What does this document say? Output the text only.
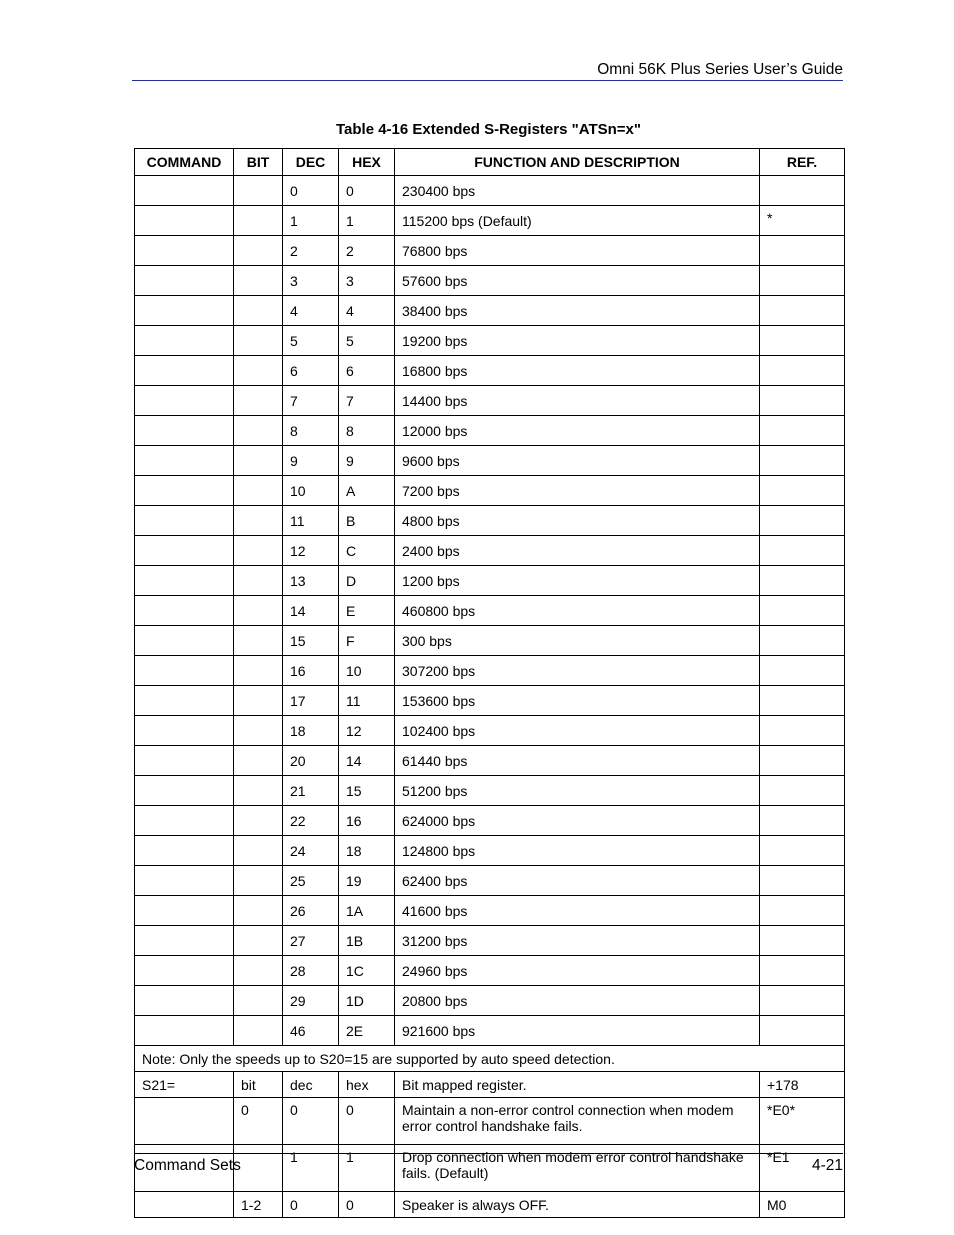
Omni 56K Plus Series User’s Guide
Table 4-16 Extended S-Registers "ATSn=x"
COMMAND	BIT	DEC	HEX	FUNCTION AND DESCRIPTION	REF.
		0	0	230400 bps	
		1	1	115200 bps (Default)	*
		2	2	76800 bps	
		3	3	57600 bps	
		4	4	38400 bps	
		5	5	19200 bps	
		6	6	16800 bps	
		7	7	14400 bps	
		8	8	12000 bps	
		9	9	9600 bps	
		10	A	7200 bps	
		11	B	4800 bps	
		12	C	2400 bps	
		13	D	1200 bps	
		14	E	460800 bps	
		15	F	300 bps	
		16	10	307200 bps	
		17	11	153600 bps	
		18	12	102400 bps	
		20	14	61440 bps	
		21	15	51200 bps	
		22	16	624000 bps	
		24	18	124800 bps	
		25	19	62400 bps	
		26	1A	41600 bps	
		27	1B	31200 bps	
		28	1C	24960 bps	
		29	1D	20800 bps	
		46	2E	921600 bps	
Note: Only the speeds up to S20=15 are supported by auto speed detection.					
S21=	bit	dec	hex	Bit mapped register.	+178
	0	0	0	Maintain a non-error control connection when modem error control handshake fails.	*E0*
		1	1	Drop connection when modem error control handshake fails. (Default)	*E1
	1-2	0	0	Speaker is always OFF.	M0
Command Sets	4-21
